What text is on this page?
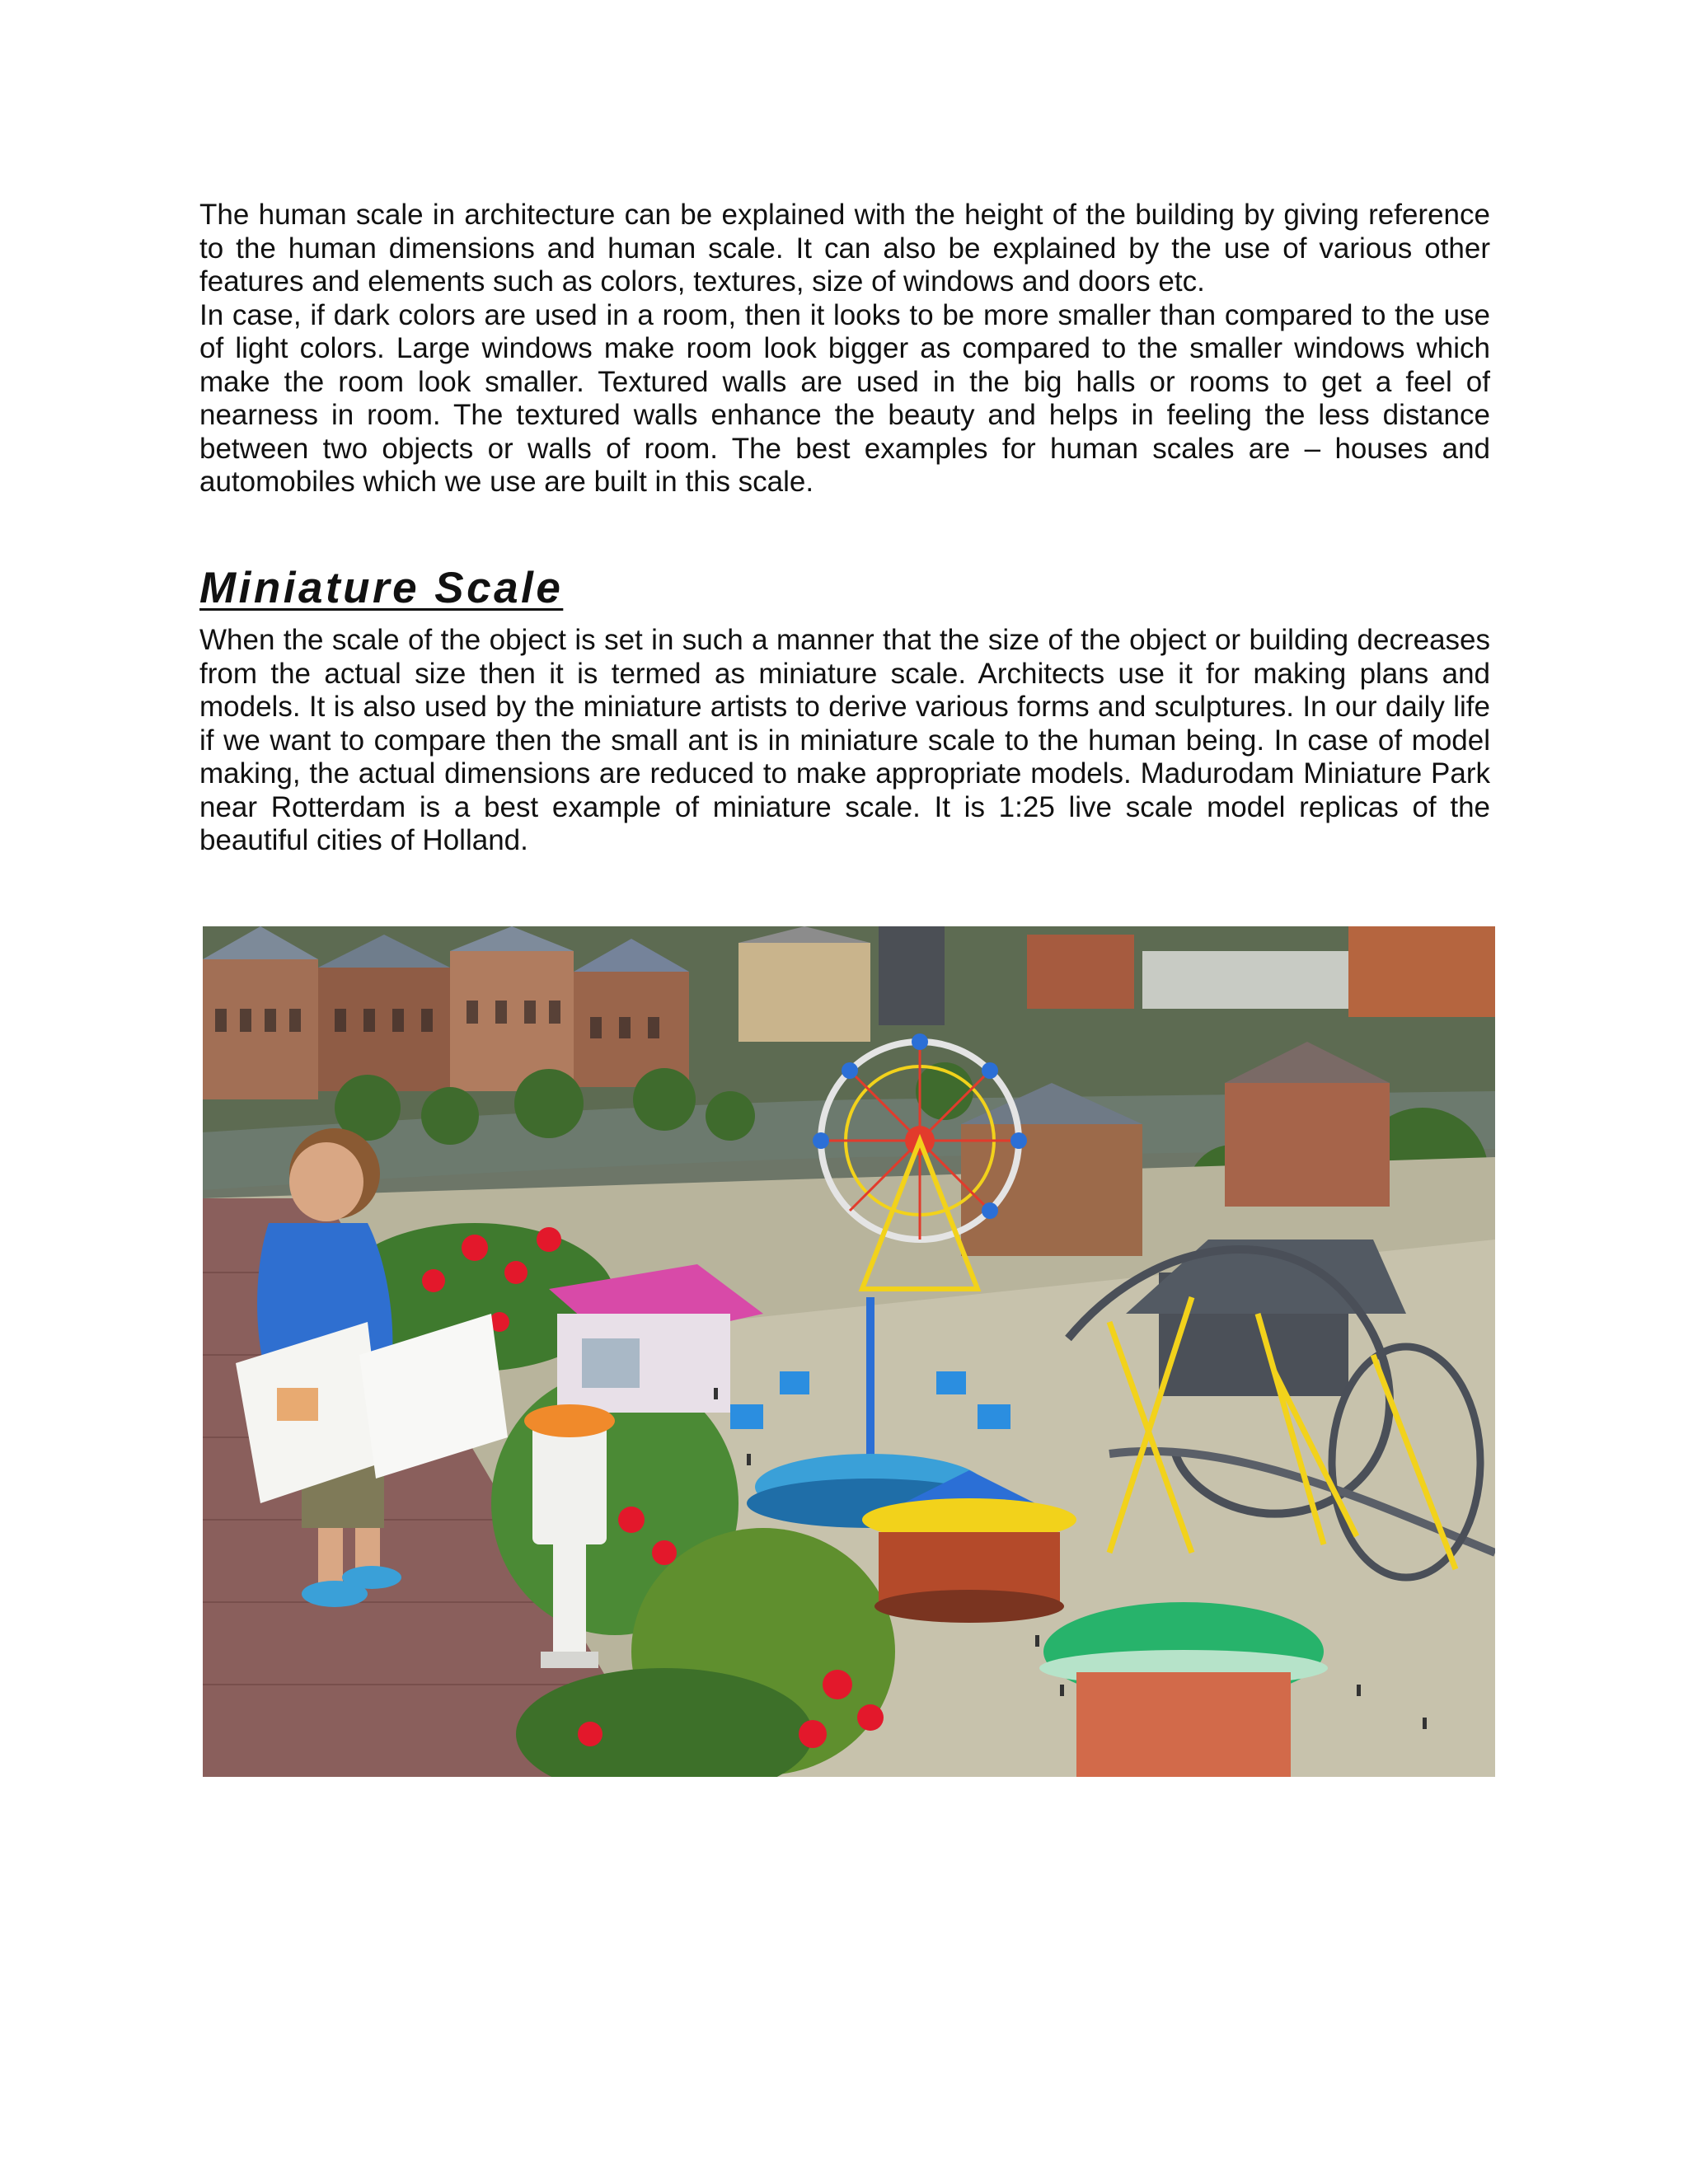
The human scale in architecture can be explained with the height of the building by giving reference to the human dimensions and human scale. It can also be explained by the use of various other features and elements such as colors, textures, size of windows and doors etc.

In case, if dark colors are used in a room, then it looks to be more smaller than compared to the use of light colors. Large windows make room look bigger as compared to the smaller windows which make the room look smaller. Textured walls are used in the big halls or rooms to get a feel of nearness in room. The textured walls enhance the beauty and helps in feeling the less distance between two objects or walls of room. The best examples for human scales are – houses and automobiles which we use are built in this scale.

Miniature Scale

When the scale of the object is set in such a manner that the size of the object or building decreases from the actual size then it is termed as miniature scale. Architects use it for making plans and models. It is also used by the miniature artists to derive various forms and sculptures. In our daily life if we want to compare then the small ant is in miniature scale to the human being. In case of model making, the actual dimensions are reduced to make appropriate models. Madurodam Miniature Park near Rotterdam is a best example of miniature scale. It is 1:25 live scale model replicas of the beautiful cities of Holland.
